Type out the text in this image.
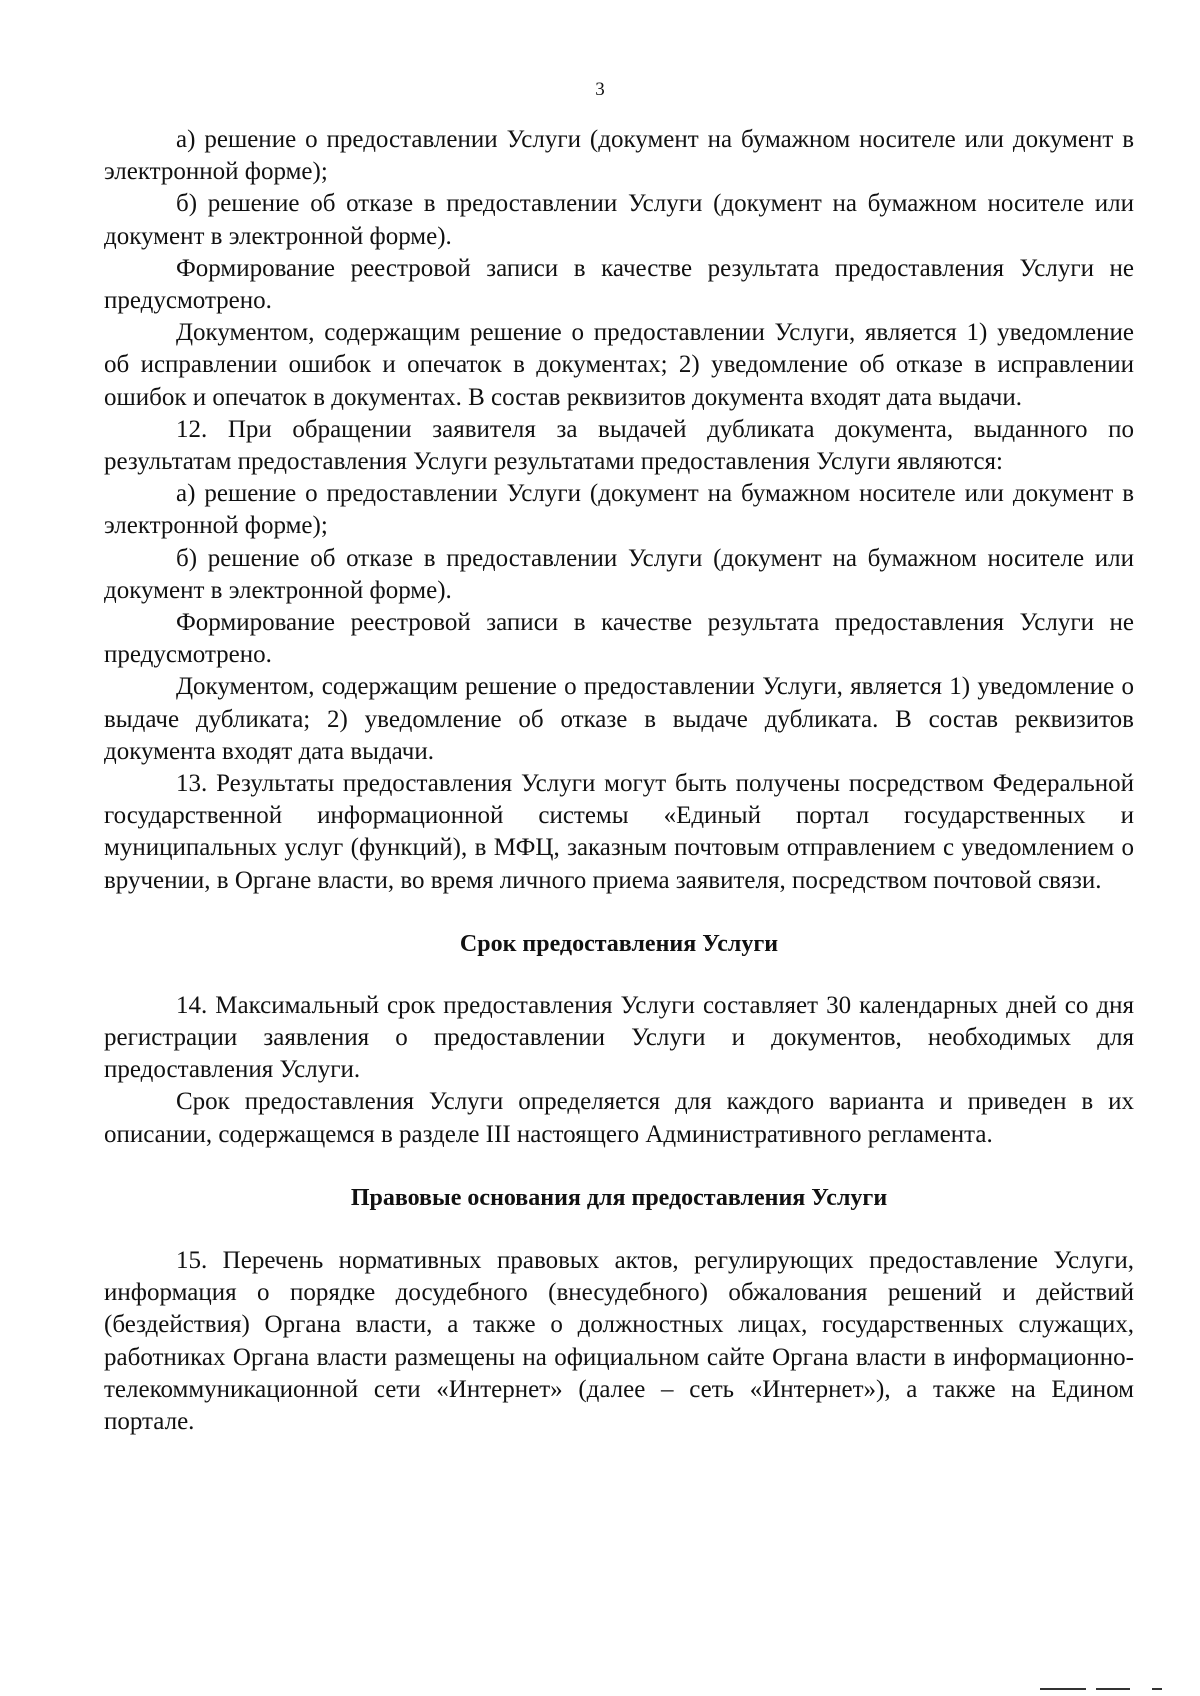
3

а) решение о предоставлении Услуги (документ на бумажном носителе или документ в электронной форме);

б) решение об отказе в предоставлении Услуги (документ на бумажном носителе или документ в электронной форме).

Формирование реестровой записи в качестве результата предоставления Услуги не предусмотрено.

Документом, содержащим решение о предоставлении Услуги, является 1) уведомление об исправлении ошибок и опечаток в документах; 2) уведомление об отказе в исправлении ошибок и опечаток в документах. В состав реквизитов документа входят дата выдачи.

12. При обращении заявителя за выдачей дубликата документа, выданного по результатам предоставления Услуги результатами предоставления Услуги являются:

а) решение о предоставлении Услуги (документ на бумажном носителе или документ в электронной форме);

б) решение об отказе в предоставлении Услуги (документ на бумажном носителе или документ в электронной форме).

Формирование реестровой записи в качестве результата предоставления Услуги не предусмотрено.

Документом, содержащим решение о предоставлении Услуги, является 1) уведомление о выдаче дубликата; 2) уведомление об отказе в выдаче дубликата. В состав реквизитов документа входят дата выдачи.

13. Результаты предоставления Услуги могут быть получены посредством Федеральной государственной информационной системы «Единый портал государственных и муниципальных услуг (функций), в МФЦ, заказным почтовым отправлением с уведомлением о вручении, в Органе власти, во время личного приема заявителя, посредством почтовой связи.

Срок предоставления Услуги

14. Максимальный срок предоставления Услуги составляет 30 календарных дней со дня регистрации заявления о предоставлении Услуги и документов, необходимых для предоставления Услуги.

Срок предоставления Услуги определяется для каждого варианта и приведен в их описании, содержащемся в разделе III настоящего Административного регламента.

Правовые основания для предоставления Услуги

15. Перечень нормативных правовых актов, регулирующих предоставление Услуги, информация о порядке досудебного (внесудебного) обжалования решений и действий (бездействия) Органа власти, а также о должностных лицах, государственных служащих, работниках Органа власти размещены на официальном сайте Органа власти в информационно-телекоммуникационной сети «Интернет» (далее – сеть «Интернет»), а также на Едином портале.
